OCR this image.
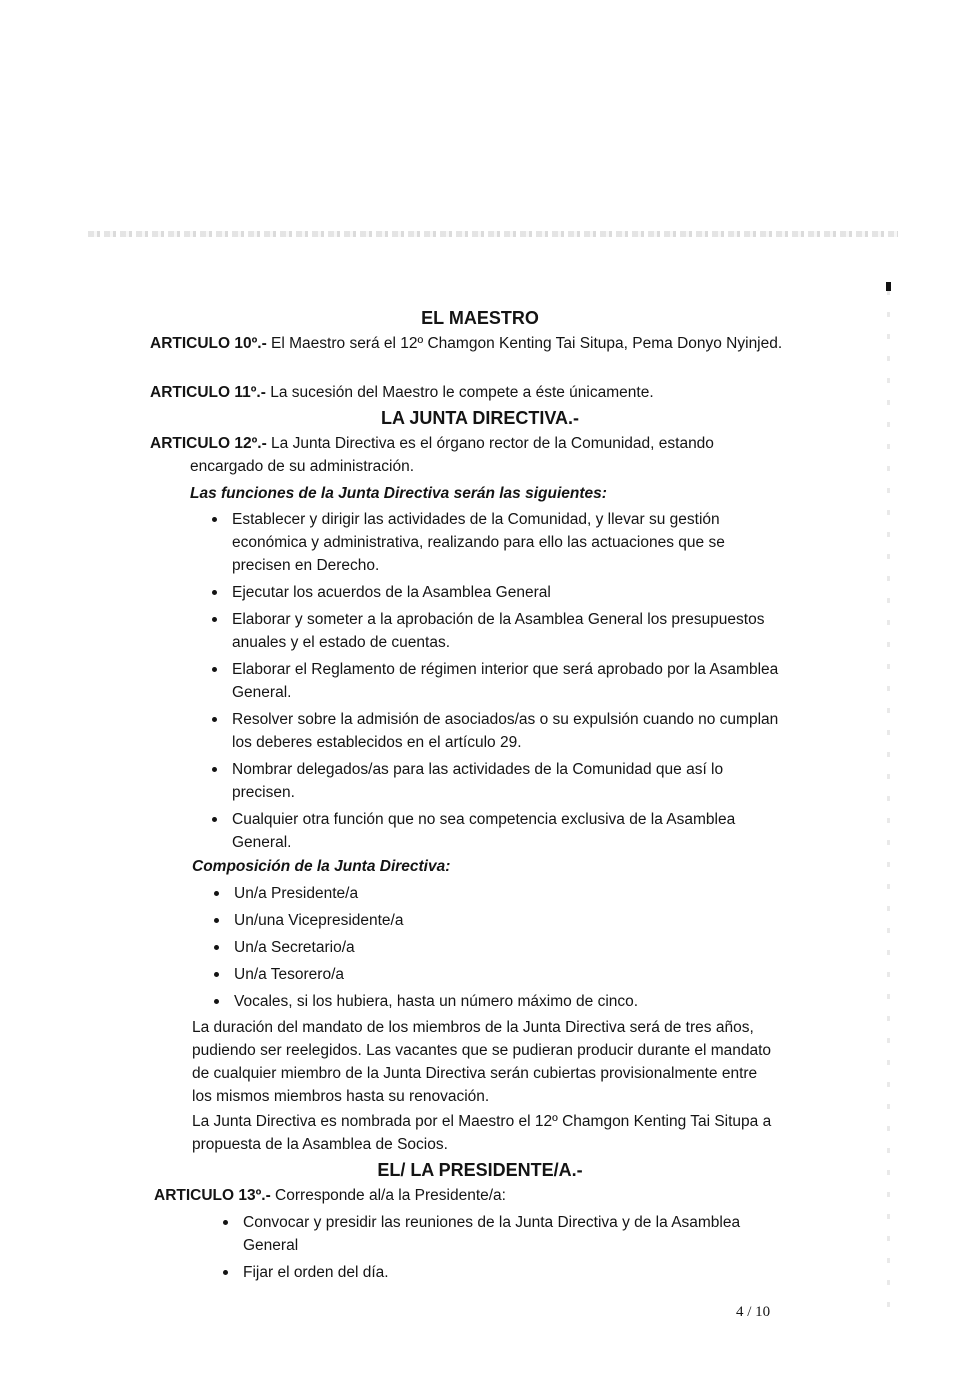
EL MAESTRO

ARTICULO 10º.- El Maestro será el 12º Chamgon Kenting Tai Situpa, Pema Donyo Nyinjed.

ARTICULO 11º.- La sucesión del Maestro le compete a éste únicamente.

LA JUNTA DIRECTIVA.-

ARTICULO 12º.- La Junta Directiva es el órgano rector de la Comunidad, estando

encargado de su administración.

Las funciones de la Junta Directiva serán las siguientes:

Establecer y dirigir las actividades de la Comunidad, y llevar su gestión económica y administrativa, realizando para ello las actuaciones que se precisen en Derecho.
Ejecutar los acuerdos de la Asamblea General
Elaborar y someter a la aprobación de la Asamblea General los presupuestos anuales y el estado de cuentas.
Elaborar el Reglamento de régimen interior que será aprobado por la Asamblea General.
Resolver sobre la admisión de asociados/as o su expulsión cuando no cumplan los deberes establecidos en el artículo 29.
Nombrar delegados/as para las actividades de la Comunidad que así lo precisen.
Cualquier otra función que no sea competencia exclusiva de la Asamblea General.

Composición de la Junta Directiva:

Un/a Presidente/a
Un/una Vicepresidente/a
Un/a Secretario/a
Un/a Tesorero/a
Vocales, si los hubiera, hasta un número máximo de cinco.

La duración del mandato de los miembros de la Junta Directiva será de tres años, pudiendo ser reelegidos. Las vacantes que se pudieran producir durante el mandato de cualquier miembro de la Junta Directiva serán cubiertas provisionalmente entre los mismos miembros hasta su renovación.

La Junta Directiva es nombrada por el Maestro el 12º Chamgon Kenting Tai Situpa a propuesta de la Asamblea de Socios.

EL/ LA PRESIDENTE/A.-

ARTICULO 13º.- Corresponde al/a la Presidente/a:

Convocar y presidir las reuniones de la Junta Directiva y de la Asamblea General
Fijar el orden del día.
4 / 10
